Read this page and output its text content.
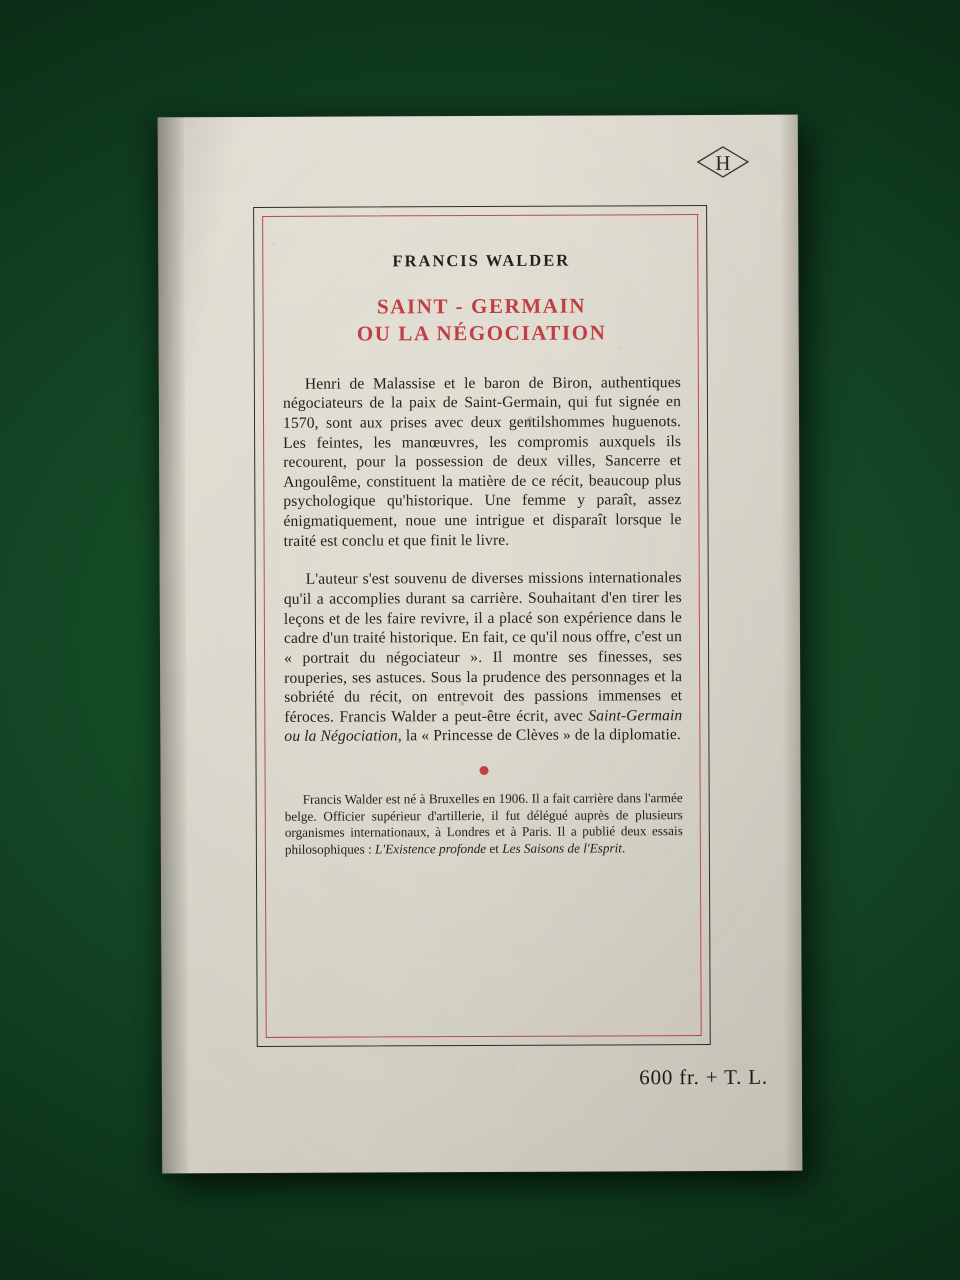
H
FRANCIS WALDER
SAINT - GERMAIN
OU LA NÉGOCIATION

Henri de Malassise et le baron de Biron, authentiques négociateurs de la paix de Saint-Germain, qui fut signée en 1570, sont aux prises avec deux gentilshommes huguenots. Les feintes, les manœuvres, les compromis auxquels ils recourent, pour la possession de deux villes, Sancerre et Angoulême, constituent la matière de ce récit, beaucoup plus psychologique qu'historique. Une femme y paraît, assez énigmatiquement, noue une intrigue et disparaît lorsque le traité est conclu et que finit le livre.

L'auteur s'est souvenu de diverses missions internationales qu'il a accomplies durant sa carrière. Souhaitant d'en tirer les leçons et de les faire revivre, il a placé son expérience dans le cadre d'un traité historique. En fait, ce qu'il nous offre, c'est un « portrait du négociateur ». Il montre ses finesses, ses rouperies, ses astuces. Sous la prudence des personnages et la sobriété du récit, on entrevoit des passions immenses et féroces. Francis Walder a peut-être écrit, avec Saint-Germain ou la Négociation, la « Princesse de Clèves » de la diplomatie.

Francis Walder est né à Bruxelles en 1906. Il a fait carrière dans l'armée belge. Officier supérieur d'artillerie, il fut délégué auprès de plusieurs organismes internationaux, à Londres et à Paris. Il a publié deux essais philosophiques : L'Existence profonde et Les Saisons de l'Esprit.

600 fr. + T. L.
